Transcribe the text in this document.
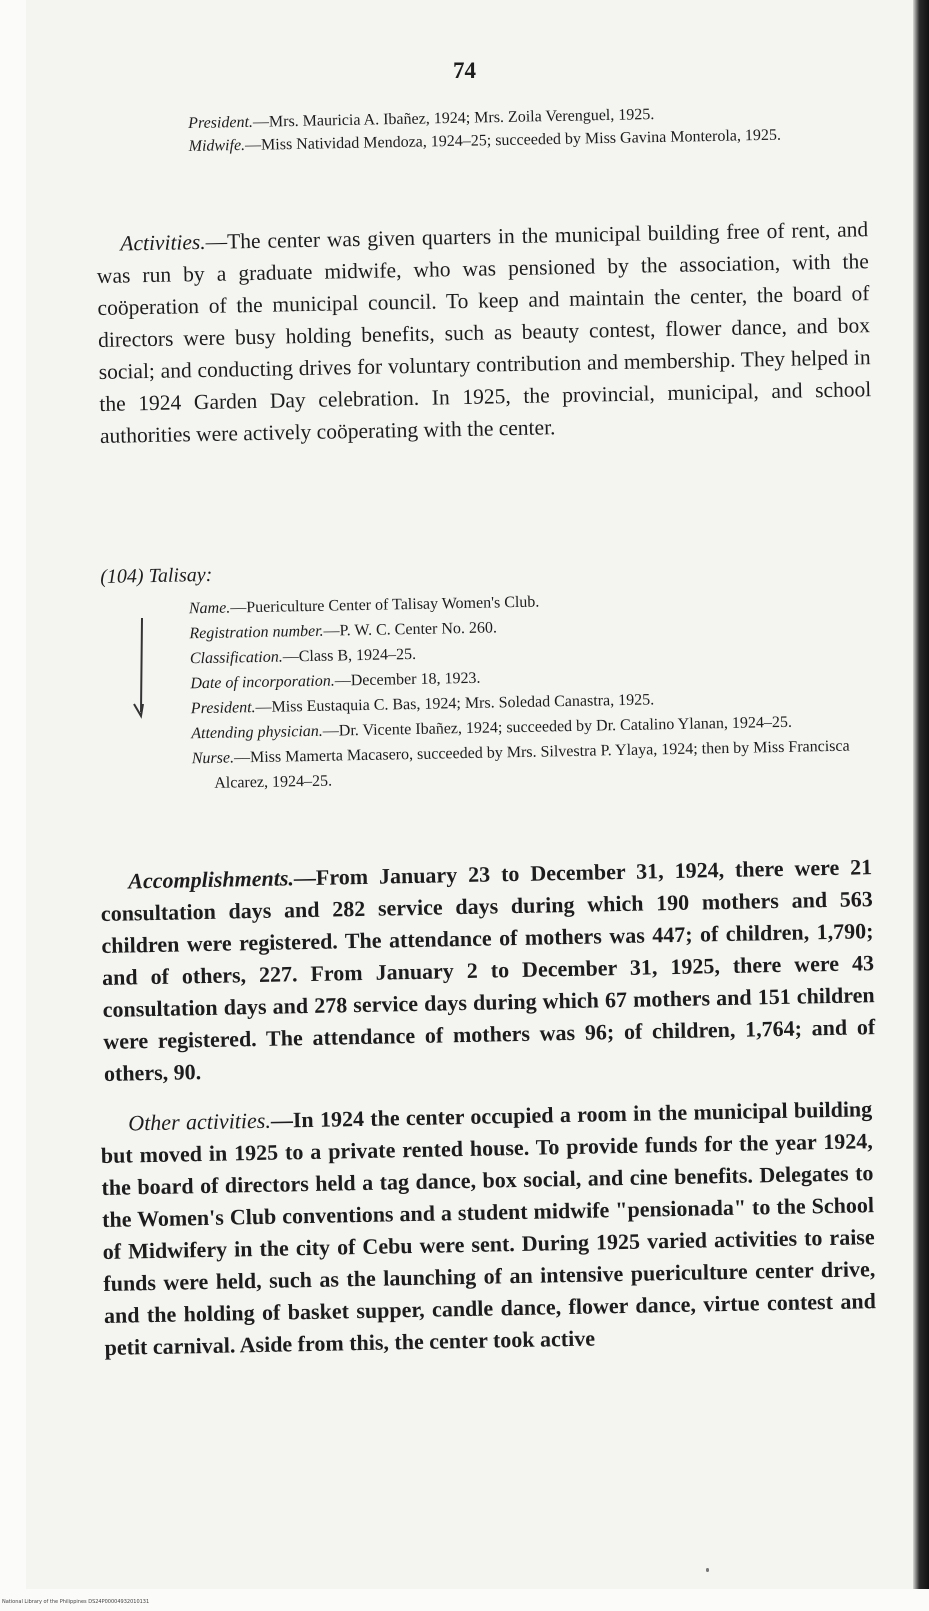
74

President.—Mrs. Mauricia A. Ibañez, 1924; Mrs. Zoila Verenguel, 1925.

Midwife.—Miss Natividad Mendoza, 1924–25; succeeded by Miss Gavina Monterola, 1925.

Activities.—The center was given quarters in the municipal building free of rent, and was run by a graduate midwife, who was pensioned by the association, with the coöperation of the municipal council. To keep and maintain the center, the board of directors were busy holding benefits, such as beauty contest, flower dance, and box social; and conducting drives for voluntary contribution and membership. They helped in the 1924 Garden Day celebration. In 1925, the provincial, municipal, and school authorities were actively coöperating with the center.

(104) Talisay:

Name.—Puericulture Center of Talisay Women's Club.

Registration number.—P. W. C. Center No. 260.

Classification.—Class B, 1924–25.

Date of incorporation.—December 18, 1923.

President.—Miss Eustaquia C. Bas, 1924; Mrs. Soledad Canastra, 1925.

Attending physician.—Dr. Vicente Ibañez, 1924; succeeded by Dr. Catalino Ylanan, 1924–25.

Nurse.—Miss Mamerta Macasero, succeeded by Mrs. Silvestra P. Ylaya, 1924; then by Miss Francisca Alcarez, 1924–25.

Accomplishments.—From January 23 to December 31, 1924, there were 21 consultation days and 282 service days during which 190 mothers and 563 children were registered. The attendance of mothers was 447; of children, 1,790; and of others, 227. From January 2 to December 31, 1925, there were 43 consultation days and 278 service days during which 67 mothers and 151 children were registered. The attendance of mothers was 96; of children, 1,764; and of others, 90.

Other activities.—In 1924 the center occupied a room in the municipal building but moved in 1925 to a private rented house. To provide funds for the year 1924, the board of directors held a tag dance, box social, and cine benefits. Delegates to the Women's Club conventions and a student midwife "pensionada" to the School of Midwifery in the city of Cebu were sent. During 1925 varied activities to raise funds were held, such as the launching of an intensive puericulture center drive, and the holding of basket supper, candle dance, flower dance, virtue contest and petit carnival. Aside from this, the center took active

National Library of the Philippines DS24P00004932010131
